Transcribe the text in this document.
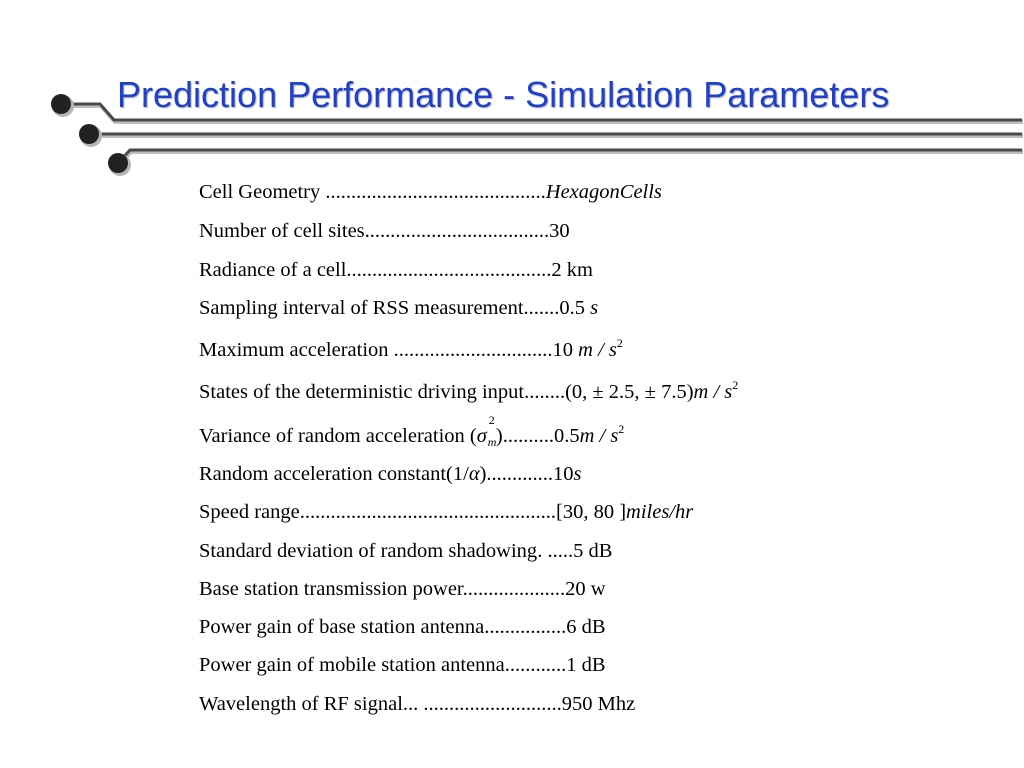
Prediction Performance - Simulation Parameters
Cell Geometry ...........................................HexagonCells
Number of cell sites....................................30
Radiance of a cell........................................2 km
Sampling interval of RSS measurement.......0.5 s
Maximum acceleration ...............................10 m / $s^2$
States of the deterministic driving input........(0, ± 2.5, ± $7.5)m / s^2$
Variance of random acceleration (σ
2
m )$..........0.5m / s^2$
Random acceleration constant(1/α).............10s
Speed range..................................................[30, 80 ]miles/hr
Standard deviation of random shadowing. .....5 dB
Base station transmission power....................20 w
Power gain of base station antenna................6 dB
Power gain of mobile station antenna............1 dB
Wavelength of RF signal... ...........................950 Mhz
